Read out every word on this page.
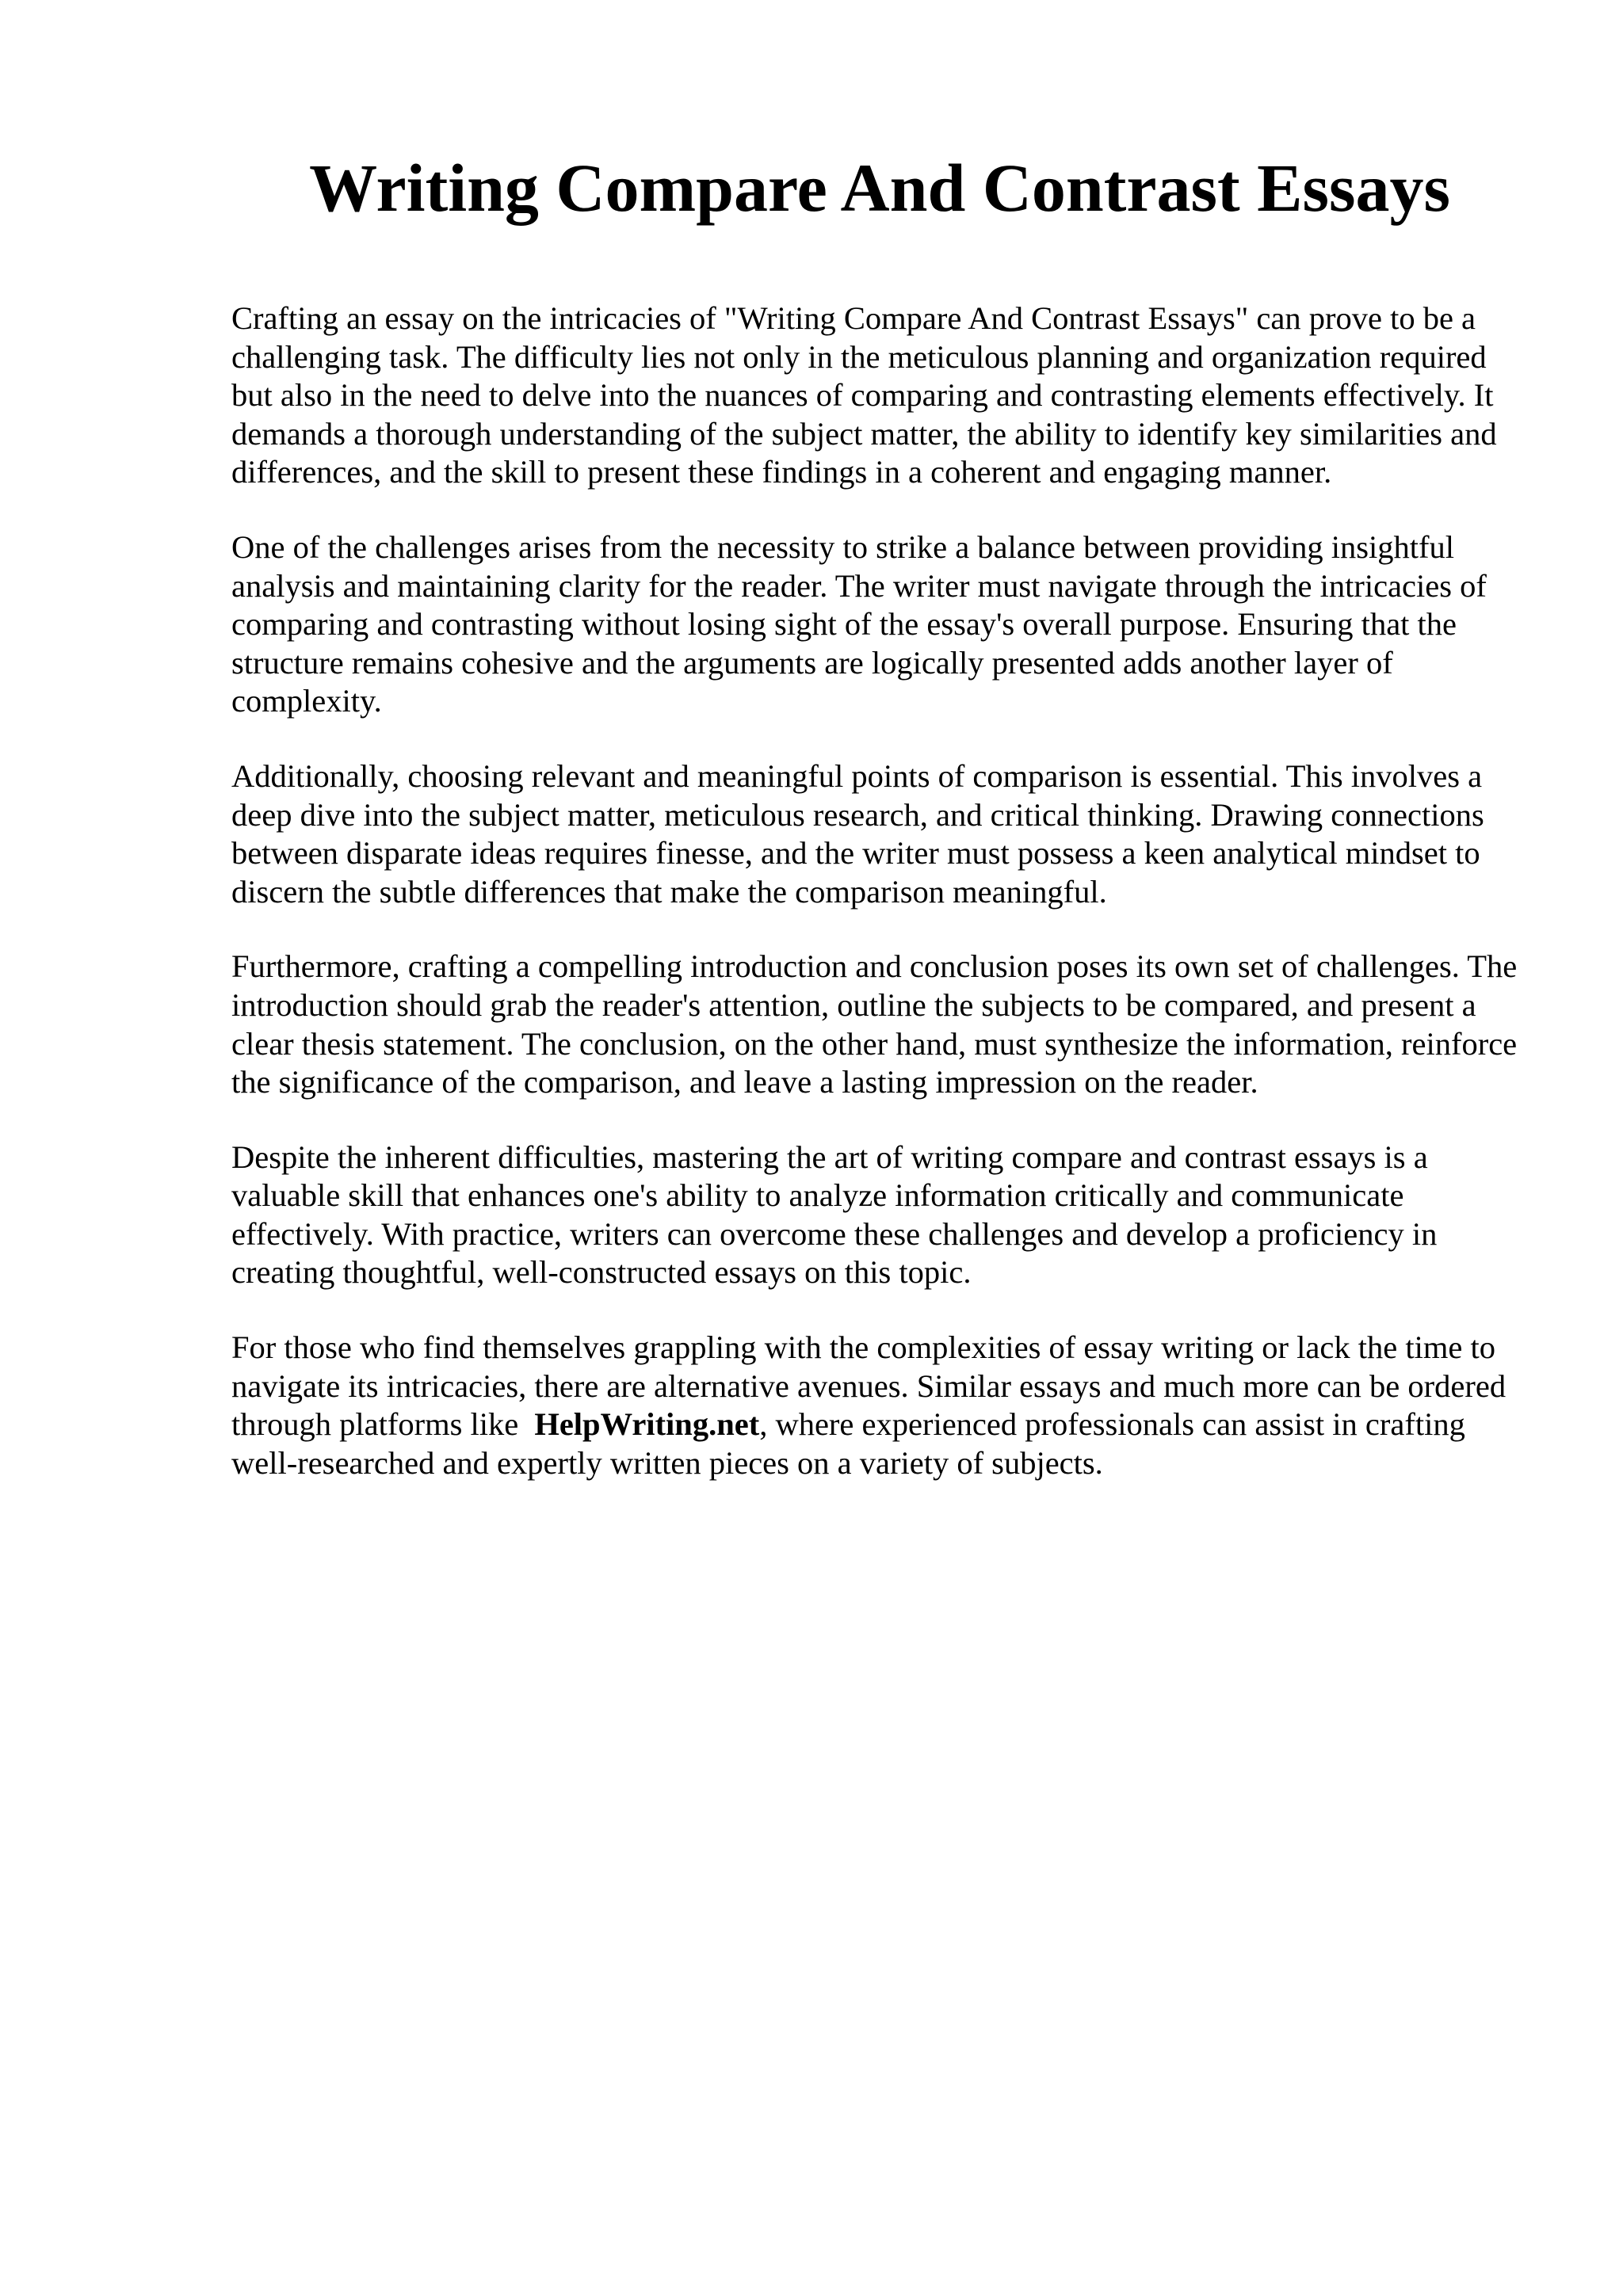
Writing Compare And Contrast Essays

Crafting an essay on the intricacies of "Writing Compare And Contrast Essays" can prove to be a challenging task. The difficulty lies not only in the meticulous planning and organization required but also in the need to delve into the nuances of comparing and contrasting elements effectively. It demands a thorough understanding of the subject matter, the ability to identify key similarities and differences, and the skill to present these findings in a coherent and engaging manner.

One of the challenges arises from the necessity to strike a balance between providing insightful analysis and maintaining clarity for the reader. The writer must navigate through the intricacies of comparing and contrasting without losing sight of the essay's overall purpose. Ensuring that the structure remains cohesive and the arguments are logically presented adds another layer of complexity.

Additionally, choosing relevant and meaningful points of comparison is essential. This involves a deep dive into the subject matter, meticulous research, and critical thinking. Drawing connections between disparate ideas requires finesse, and the writer must possess a keen analytical mindset to discern the subtle differences that make the comparison meaningful.

Furthermore, crafting a compelling introduction and conclusion poses its own set of challenges. The introduction should grab the reader's attention, outline the subjects to be compared, and present a clear thesis statement. The conclusion, on the other hand, must synthesize the information, reinforce the significance of the comparison, and leave a lasting impression on the reader.

Despite the inherent difficulties, mastering the art of writing compare and contrast essays is a valuable skill that enhances one's ability to analyze information critically and communicate effectively. With practice, writers can overcome these challenges and develop a proficiency in creating thoughtful, well-constructed essays on this topic.

For those who find themselves grappling with the complexities of essay writing or lack the time to navigate its intricacies, there are alternative avenues. Similar essays and much more can be ordered through platforms like HelpWriting.net, where experienced professionals can assist in crafting well-researched and expertly written pieces on a variety of subjects.
